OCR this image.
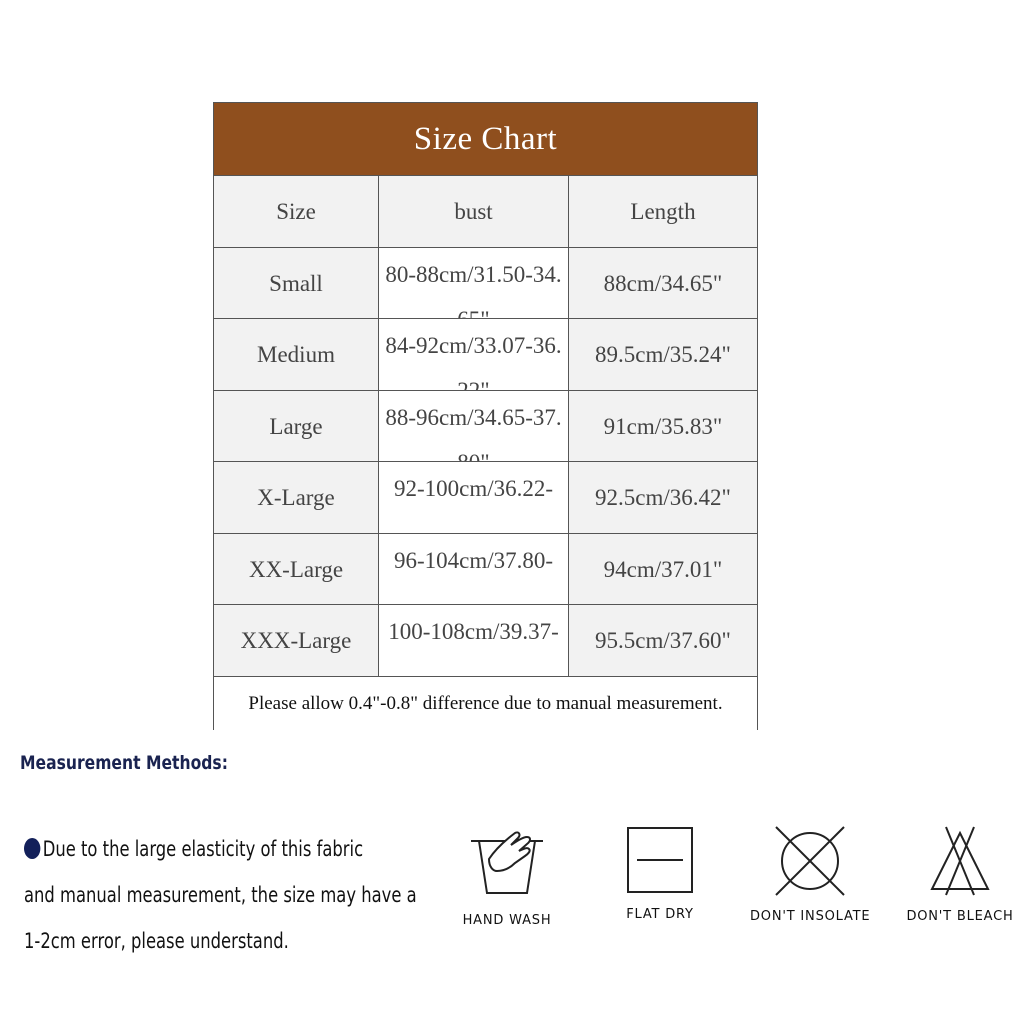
Size Chart
Size	bust	Length
Small	80-88cm/31.50-34.	88cm/34.65"
Medium	84-92cm/33.07-36.	89.5cm/35.24"
Large	88-96cm/34.65-37.	91cm/35.83"
X-Large	92-100cm/36.22-	92.5cm/36.42"
XX-Large	96-104cm/37.80-	94cm/37.01"
XXX-Large	100-108cm/39.37-	95.5cm/37.60"
Please allow 0.4"-0.8" difference due to manual measurement.
Measurement Methods:
Due to the large elasticity of this fabric
and manual measurement, the size may have a
1-2cm error, please understand.
HAND WASH	FLAT DRY	DON'T INSOLATE	DON'T BLEACH
